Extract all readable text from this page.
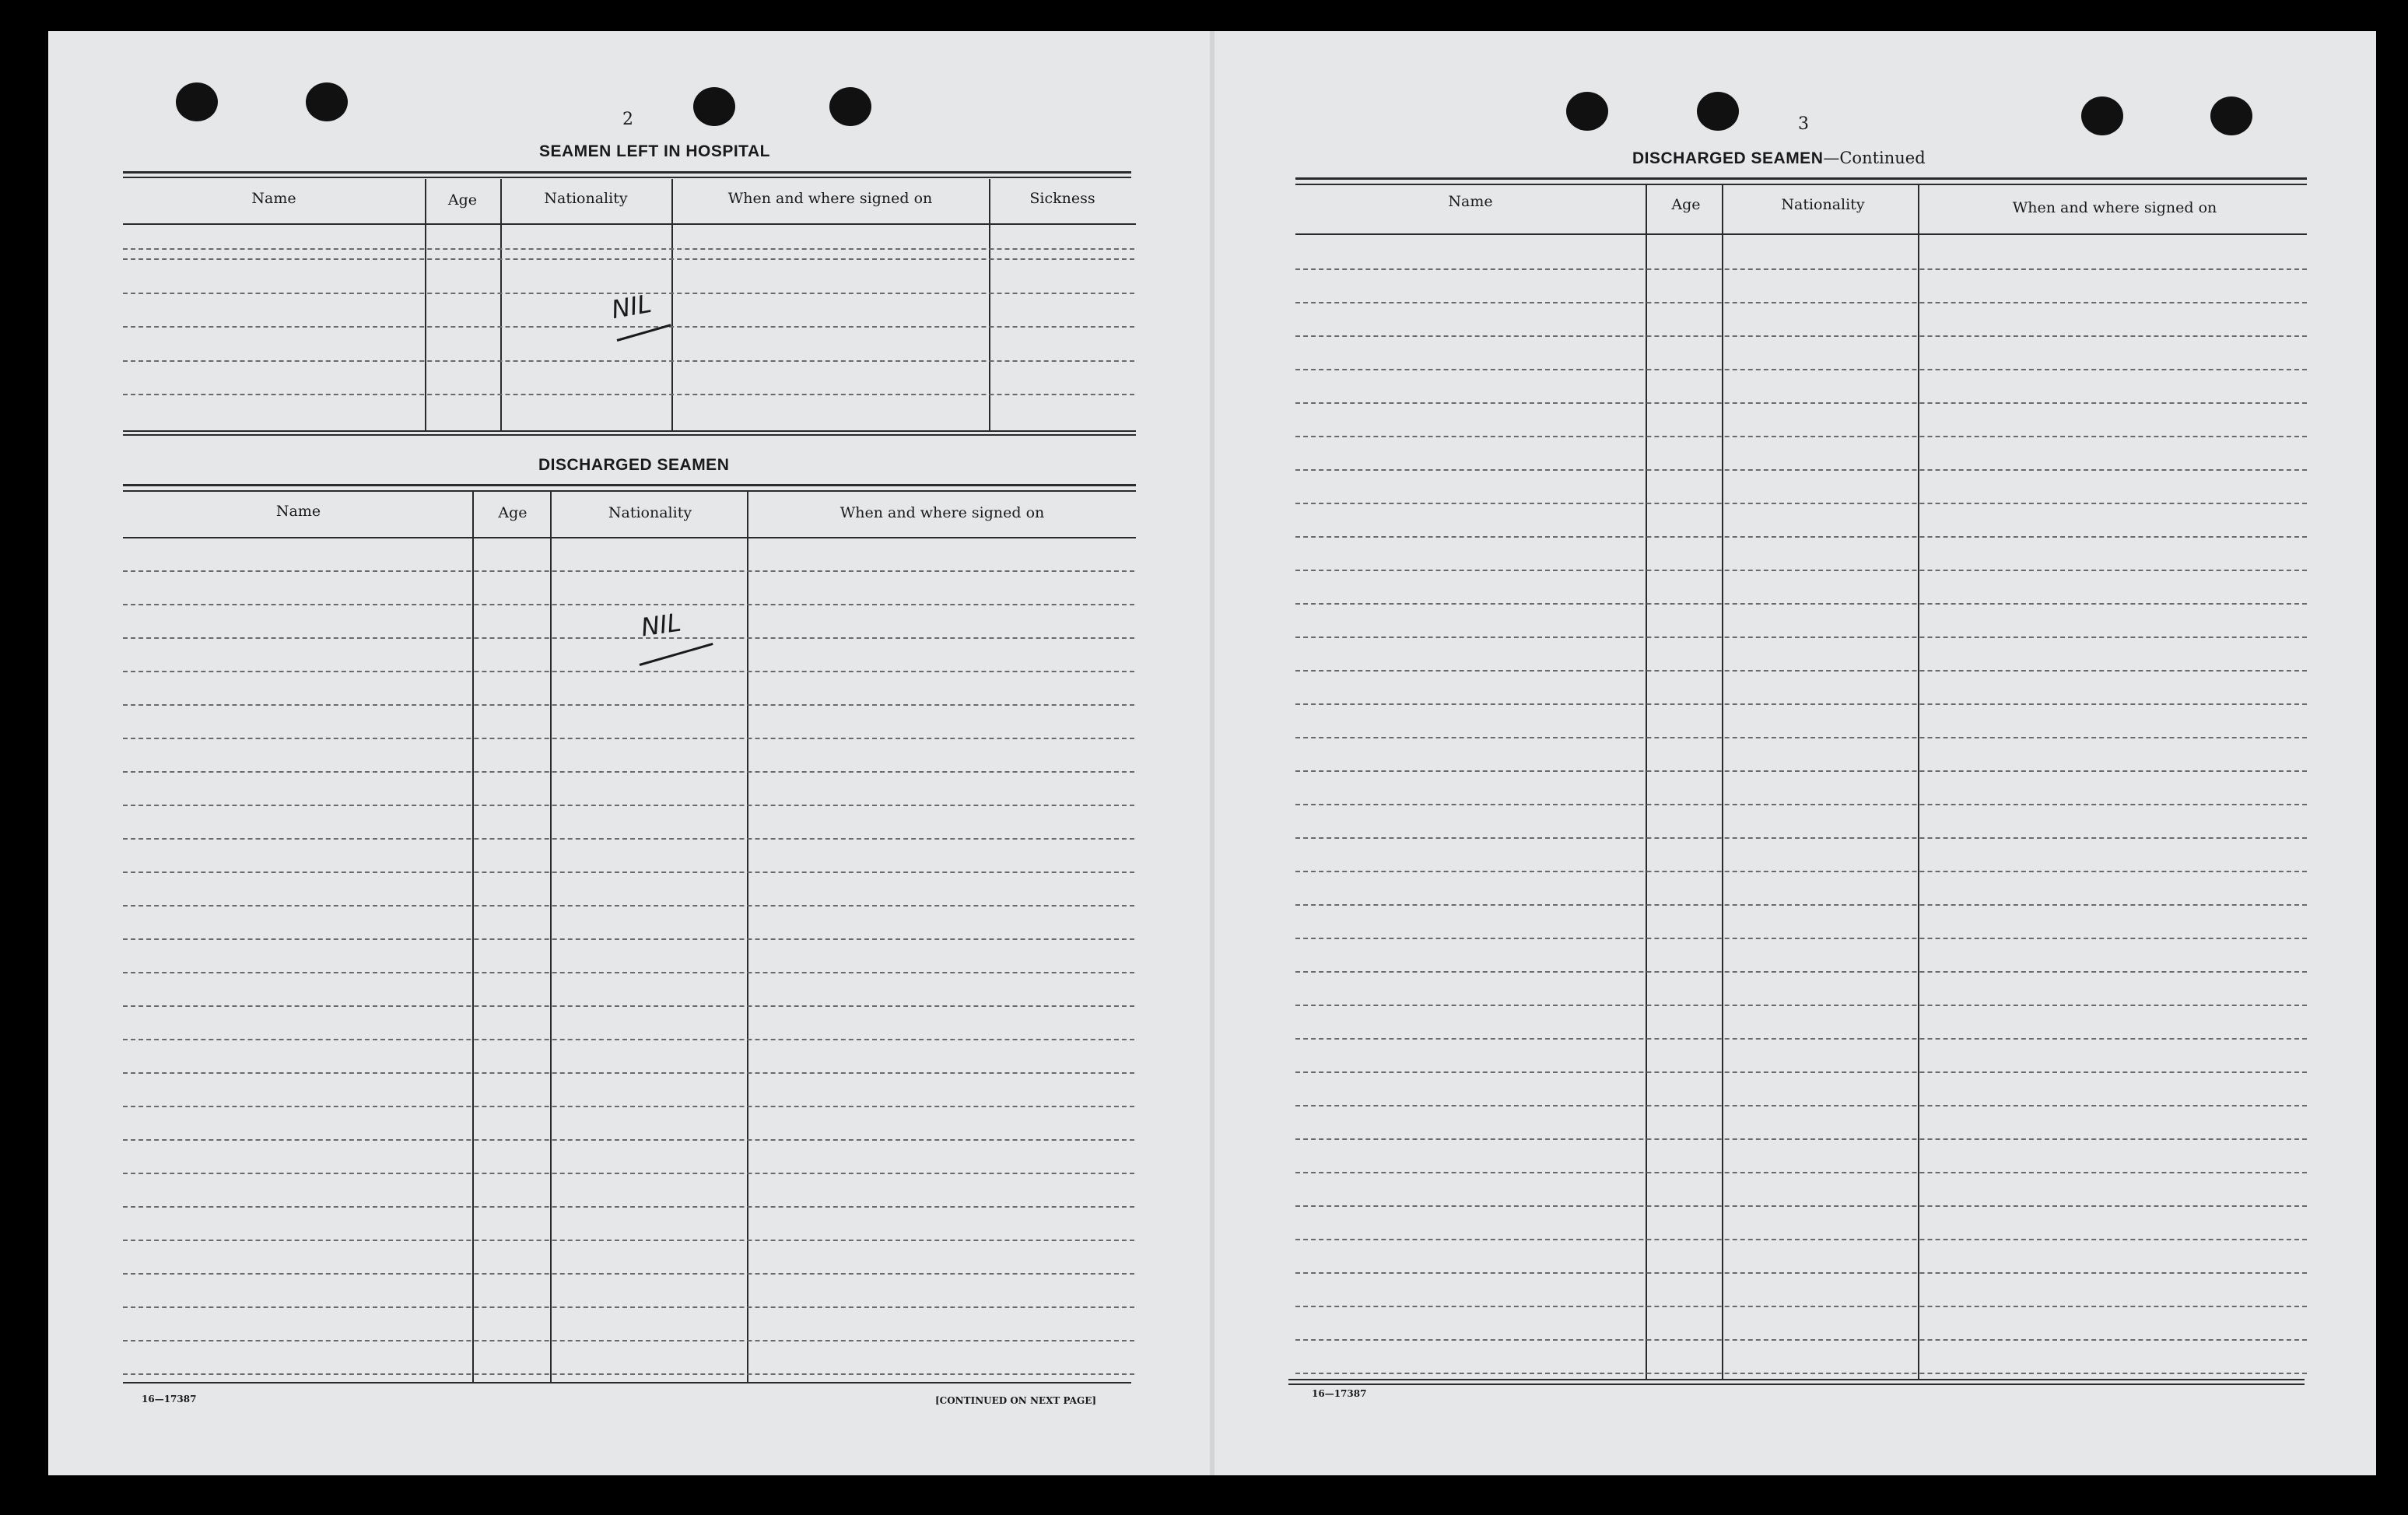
2
SEAMEN LEFT IN HOSPITAL
Name	Age	Nationality	When and where signed on	Sickness
NIL
DISCHARGED SEAMEN
Name	Age	Nationality	When and where signed on
NIL
16—17387	[CONTINUED ON NEXT PAGE]
3
DISCHARGED SEAMEN—Continued
Name	Age	Nationality	When and where signed on
16—17387
